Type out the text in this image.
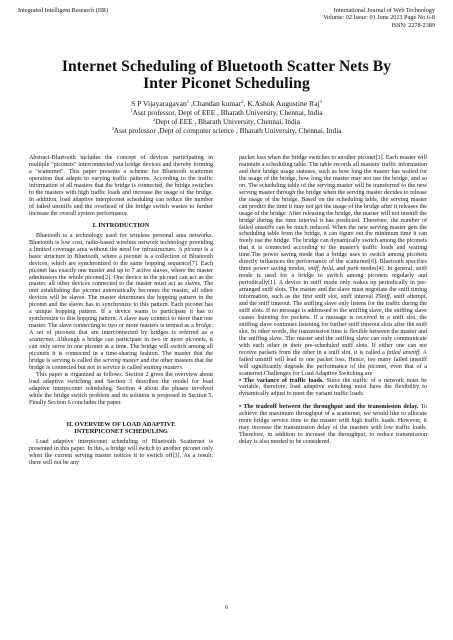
Integrated Intelligent Research (IIR)	International Journal of Web Technology
Volume: 02 Issue: 01 June 2013 Page No.6-8
ISSN: 2278-2389
Internet Scheduling of Bluetooth Scatter Nets By
Inter Piconet Scheduling
S P Vijayaragavan$^1$ ,Chandan kumar$^2$, K.Ashok Augustine Raj$^3$
$^1$Asst professor, Dept of EEE , Bharath University, Chennai, India
$^2$Dept of EEE , Bharath University, Chennai, India
$^3$Asst professor ,Dept of computer science , Bharath University, Chennai, India

Abstract-Bluetooth includes the concept of devices participating in multiple "piconets" interconnected via bridge devices and thereby forming a "scatternet". This paper presents a scheme for Bluetooth scatternet operation that adapts to varying traffic patterns. According to the traffic information of all masters that the bridge is connected, the bridge switches to the masters with high traffic loads and increase the usage of the bridge. In addition, load adaptive interpiconet scheduling can reduce the number of failed unsniffs and the overhead of the bridge switch wastes to further increase the overall system performance.

I. INTRODUCTION

Bluetooth is a technology used for wireless personal area networks. Bluetooth is low cost, radio-based wireless network technology providing a limited coverage area without the need for infrastructure. A piconet is a basic structure in Bluetooth, where a piconet is a collection of Bluetooth devices, which are synchronized to the same hopping sequence[7]. Each piconet has exactly one master and up to 7 active slaves, where the master administers the whole piconet[2]. One device in the piconet can act as the master, all other devices connected to the master must act as slaves. The unit establishing the piconet automatically becomes the master, all other devices will be slaves. The master determines the hopping pattern in the piconet and the slaves has to synchronize to this pattern. Each piconet has a unique hopping pattern. If a device wants to participate it has to synchronize to this hopping pattern. A slave may connect to more than one master. The slave connecting to two or more masters is termed as a bridge. A set of piconets that are interconnected by bridges is referred as a scatternet. Although a bridge can participate in two or more piconets, it can only serve in one piconet at a time. The bridge will switch among all piconets it is connected in a time-sharing fashion. The master that the bridge is serving is called the serving master and the other masters that the bridge is connected but not in service is called waiting masters.

This paper is organized as follows. Section 2 gives the overview about load adaptive switching and Section 3 describes the model for load adaptive interpiconet scheduling. Section 4 about the phases involved while the bridge switch problem and its solution is proposed in Section 5. Finally Section 6 concludes the paper.

II. OVERVIEW OF LOAD ADAPTIVE
INTERPICONET SCHEDULING

Load adaptive interpiconet scheduling of Bluetooth Scatternet is presented in this paper. In this, a bridge will switch to another piconet only when the current serving master notices it to switch off[3]. As a result, there will not be any

packet loss when the bridge switches to another piconet[1]. Each master will maintain a scheduling table. The table records all masters' traffic information and their bridge usage statuses, such as how long the master has waited for the usage of the bridge, how long the master may not use the bridge, and so on. The scheduling table of the serving master will be transferred to the new serving master through the bridge when the serving master decides to release the usage of the bridge. Based on the scheduling table, the serving master can predict the time it may not get the usage of the bridge after it releases the usage of the bridge. After releasing the bridge, the master will not unsniff the bridge during the time interval it has predicted. Therefore, the number of failed unsniffs can be much reduced. When the new serving master gets the scheduling table from the bridge, it can figure out the minimum time it can freely use the bridge. The bridge can dynamically switch among the piconets that it is connected according to the master's traffic loads and waiting time.The power saving mode that a bridge uses to switch among piconets directly influences the performance of the scatternet[6]. Bluetooth specifies three power saving modes, sniff, hold, and park modes[4]. In general, sniff mode is used for a bridge to switch among piconets regularly and periodically[1]. A device in sniff mode only wakes up periodically in pre-arranged sniff slots. The master and the slave must negotiate the sniff timing information, such as the first sniff slot, sniff interval TSniff, sniff attempt, and the sniff timeout. The sniffing slave only listens for the traffic during the sniff slots. If no message is addressed to the sniffing slave, the sniffing slave ceases listening for packets. If a message is received in a sniff slot, the sniffing slave continues listening for further sniff timeout slots after the sniff slot. In other words, the transmission time is flexible between the master and the sniffing slave. The master and the sniffing slave can only communicate with each other in their pre-scheduled sniff slots. If either one can not receive packets from the other in a sniff slot, it is called a failed unsniff. A failed unsniff will lead to one packet loss. Hence, too many failed unsniff will significantly degrade the performance of the piconet, even that of a scatternet.Challenges for Load Adaptive Switching are

• The variance of traffic loads. Since the traffic of a network must be variable, therefore, load adaptive switching must have the flexibility to dynamically adjust to meet the variant traffic loads.

• The tradeoff between the throughput and the transmission delay. To achieve the maximum throughput of a scatternet, we would like to allocate more bridge service time to the master with high traffic loads. However, it may increase the transmission delay of the masters with low traffic loads. Therefore, in addition to increase the throughput, to reduce transmission delay is also needed to be considered.

6
